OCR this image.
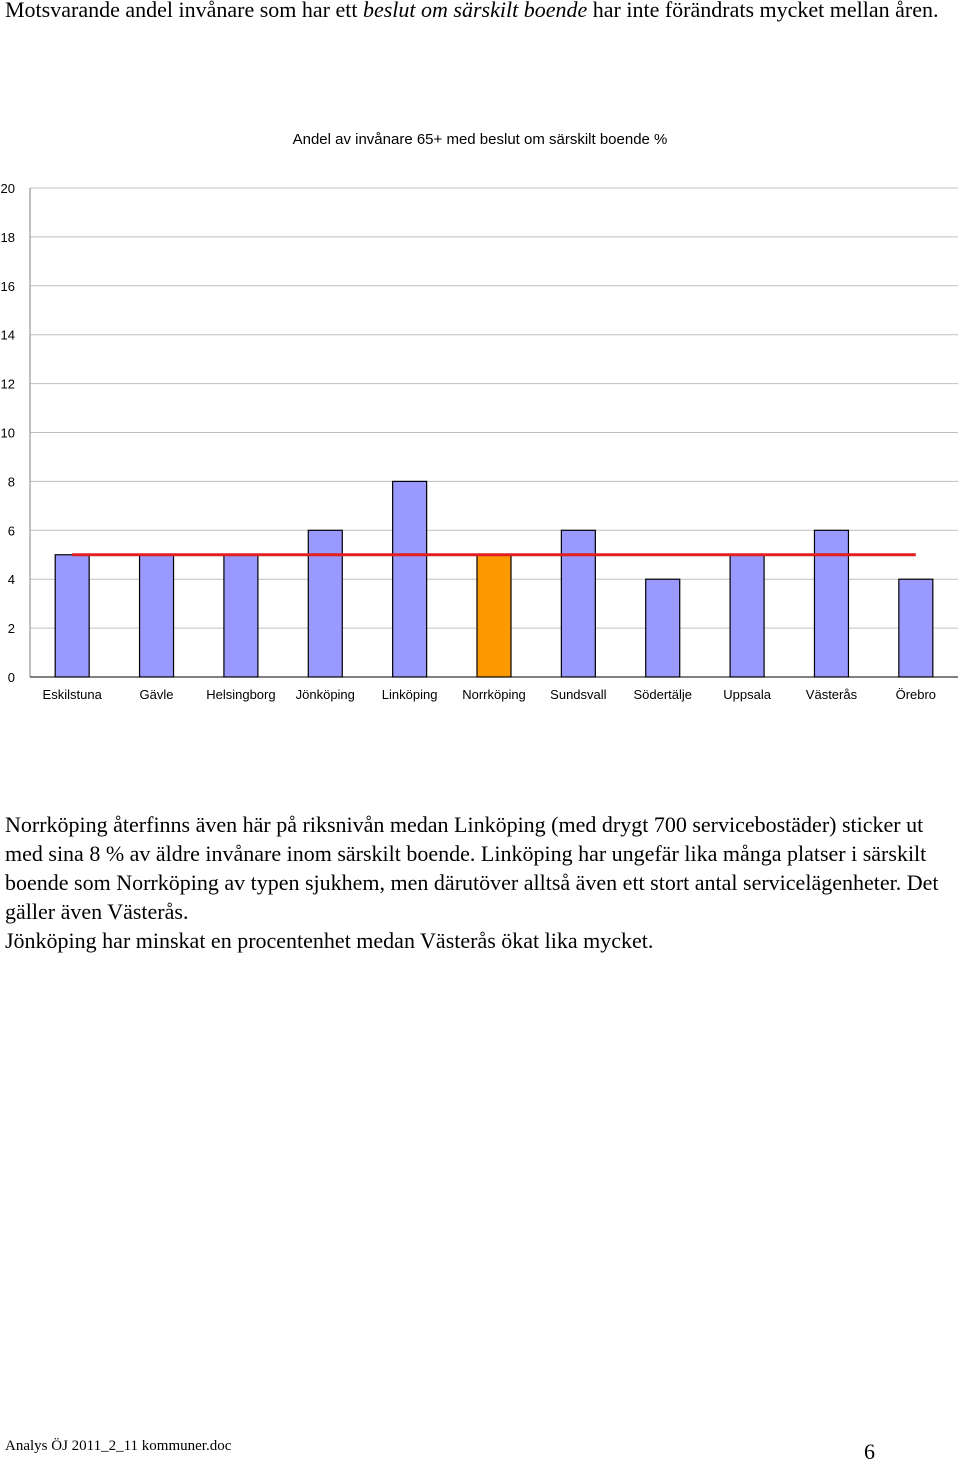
Motsvarande andel invånare som har ett beslut om särskilt boende har inte förändrats mycket mellan åren.

Andel av invånare 65+ med beslut om särskilt boende %
0
2
4
6
8
10
12
14
16
18
20
Eskilstuna	Gävle	Helsingborg Jönköping Linköping Norrköping Sundsvall Södertälje Uppsala	Västerås	Örebro
Norrköping återfinns även här på riksnivån medan Linköping (med drygt 700 servicebostäder) sticker ut med sina 8 % av äldre invånare inom särskilt boende. Linköping har ungefär lika många platser i särskilt boende som Norrköping av typen sjukhem, men därutöver alltså även ett stort antal servicelägenheter. Det gäller även Västerås.
Jönköping har minskat en procentenhet medan Västerås ökat lika mycket.
Analys ÖJ 2011_2_11 kommuner.doc	6
